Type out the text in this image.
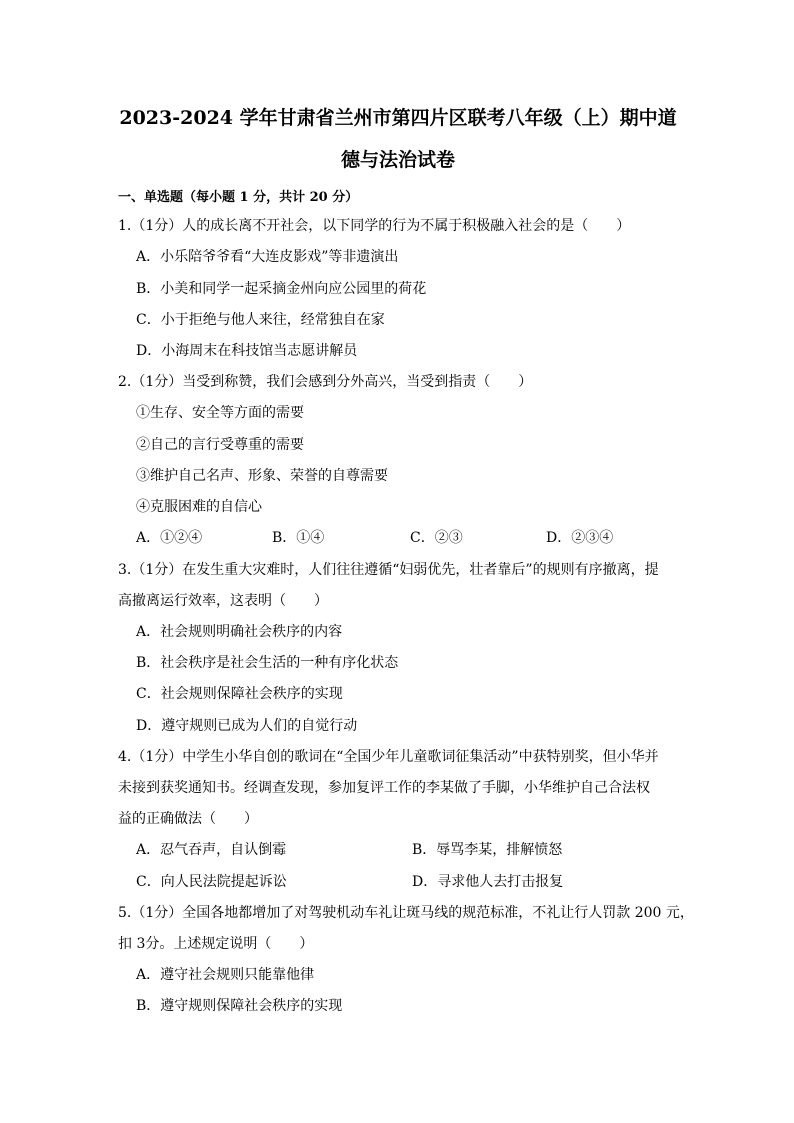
2023-2024 学年甘肃省兰州市第四片区联考八年级（上）期中道
德与法治试卷
一、单选题（每小题 1 分，共计 20 分）
1.（1分）人的成长离不开社会，以下同学的行为不属于积极融入社会的是（　　）
A．小乐陪爷爷看“大连皮影戏”等非遗演出
B．小美和同学一起采摘金州向应公园里的荷花
C．小于拒绝与他人来往，经常独自在家
D．小海周末在科技馆当志愿讲解员
2.（1分）当受到称赞，我们会感到分外高兴，当受到指责（　　）
①生存、安全等方面的需要
②自己的言行受尊重的需要
③维护自己名声、形象、荣誉的自尊需要
④克服困难的自信心
A．①②④	B．①④	C．②③	D．②③④
3.（1分）在发生重大灾难时，人们往往遵循“妇弱优先，壮者靠后”的规则有序撤离，提
高撤离运行效率，这表明（　　）
A．社会规则明确社会秩序的内容
B．社会秩序是社会生活的一种有序化状态
C．社会规则保障社会秩序的实现
D．遵守规则已成为人们的自觉行动
4.（1分）中学生小华自创的歌词在“全国少年儿童歌词征集活动”中获特别奖，但小华并
未接到获奖通知书。经调查发现，参加复评工作的李某做了手脚，小华维护自己合法权
益的正确做法（　　）
A．忍气吞声，自认倒霉	B．辱骂李某，排解愤怒
C．向人民法院提起诉讼	D．寻求他人去打击报复
5.（1分）全国各地都增加了对驾驶机动车礼让斑马线的规范标准，不礼让行人罚款 200 元，
扣 3分。上述规定说明（　　）
A．遵守社会规则只能靠他律
B．遵守规则保障社会秩序的实现
